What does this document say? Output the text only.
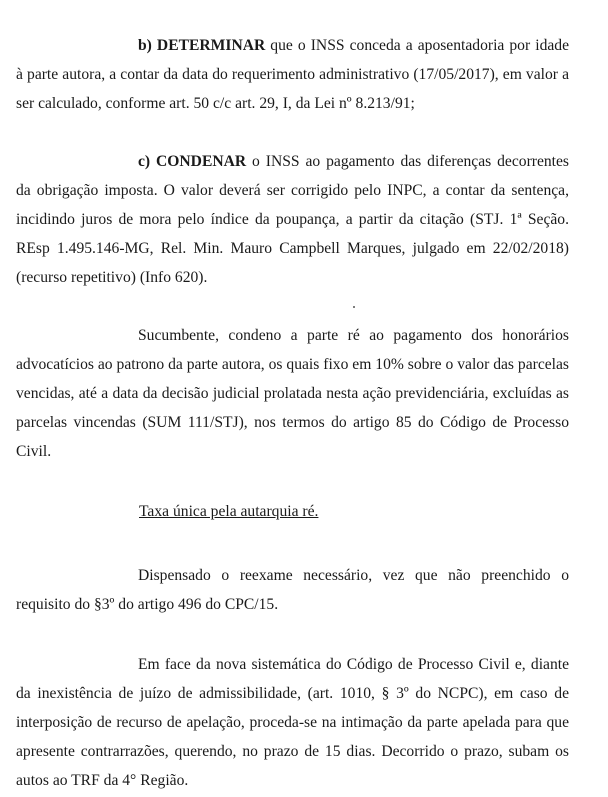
b) DETERMINAR que o INSS conceda a aposentadoria por idade à parte autora, a contar da data do requerimento administrativo (17/05/2017), em valor a ser calculado, conforme art. 50 c/c art. 29, I, da Lei nº 8.213/91;

c) CONDENAR o INSS ao pagamento das diferenças decorrentes da obrigação imposta. O valor deverá ser corrigido pelo INPC, a contar da sentença, incidindo juros de mora pelo índice da poupança, a partir da citação (STJ. 1ª Seção. REsp 1.495.146-MG, Rel. Min. Mauro Campbell Marques, julgado em 22/02/2018) (recurso repetitivo) (Info 620).

Sucumbente, condeno a parte ré ao pagamento dos honorários advocatícios ao patrono da parte autora, os quais fixo em 10% sobre o valor das parcelas vencidas, até a data da decisão judicial prolatada nesta ação previdenciária, excluídas as parcelas vincendas (SUM 111/STJ), nos termos do artigo 85 do Código de Processo Civil.

Taxa única pela autarquia ré.

Dispensado o reexame necessário, vez que não preenchido o requisito do §3º do artigo 496 do CPC/15.

Em face da nova sistemática do Código de Processo Civil e, diante da inexistência de juízo de admissibilidade, (art. 1010, § 3º do NCPC), em caso de interposição de recurso de apelação, proceda-se na intimação da parte apelada para que apresente contrarrazões, querendo, no prazo de 15 dias. Decorrido o prazo, subam os autos ao TRF da 4° Região.
